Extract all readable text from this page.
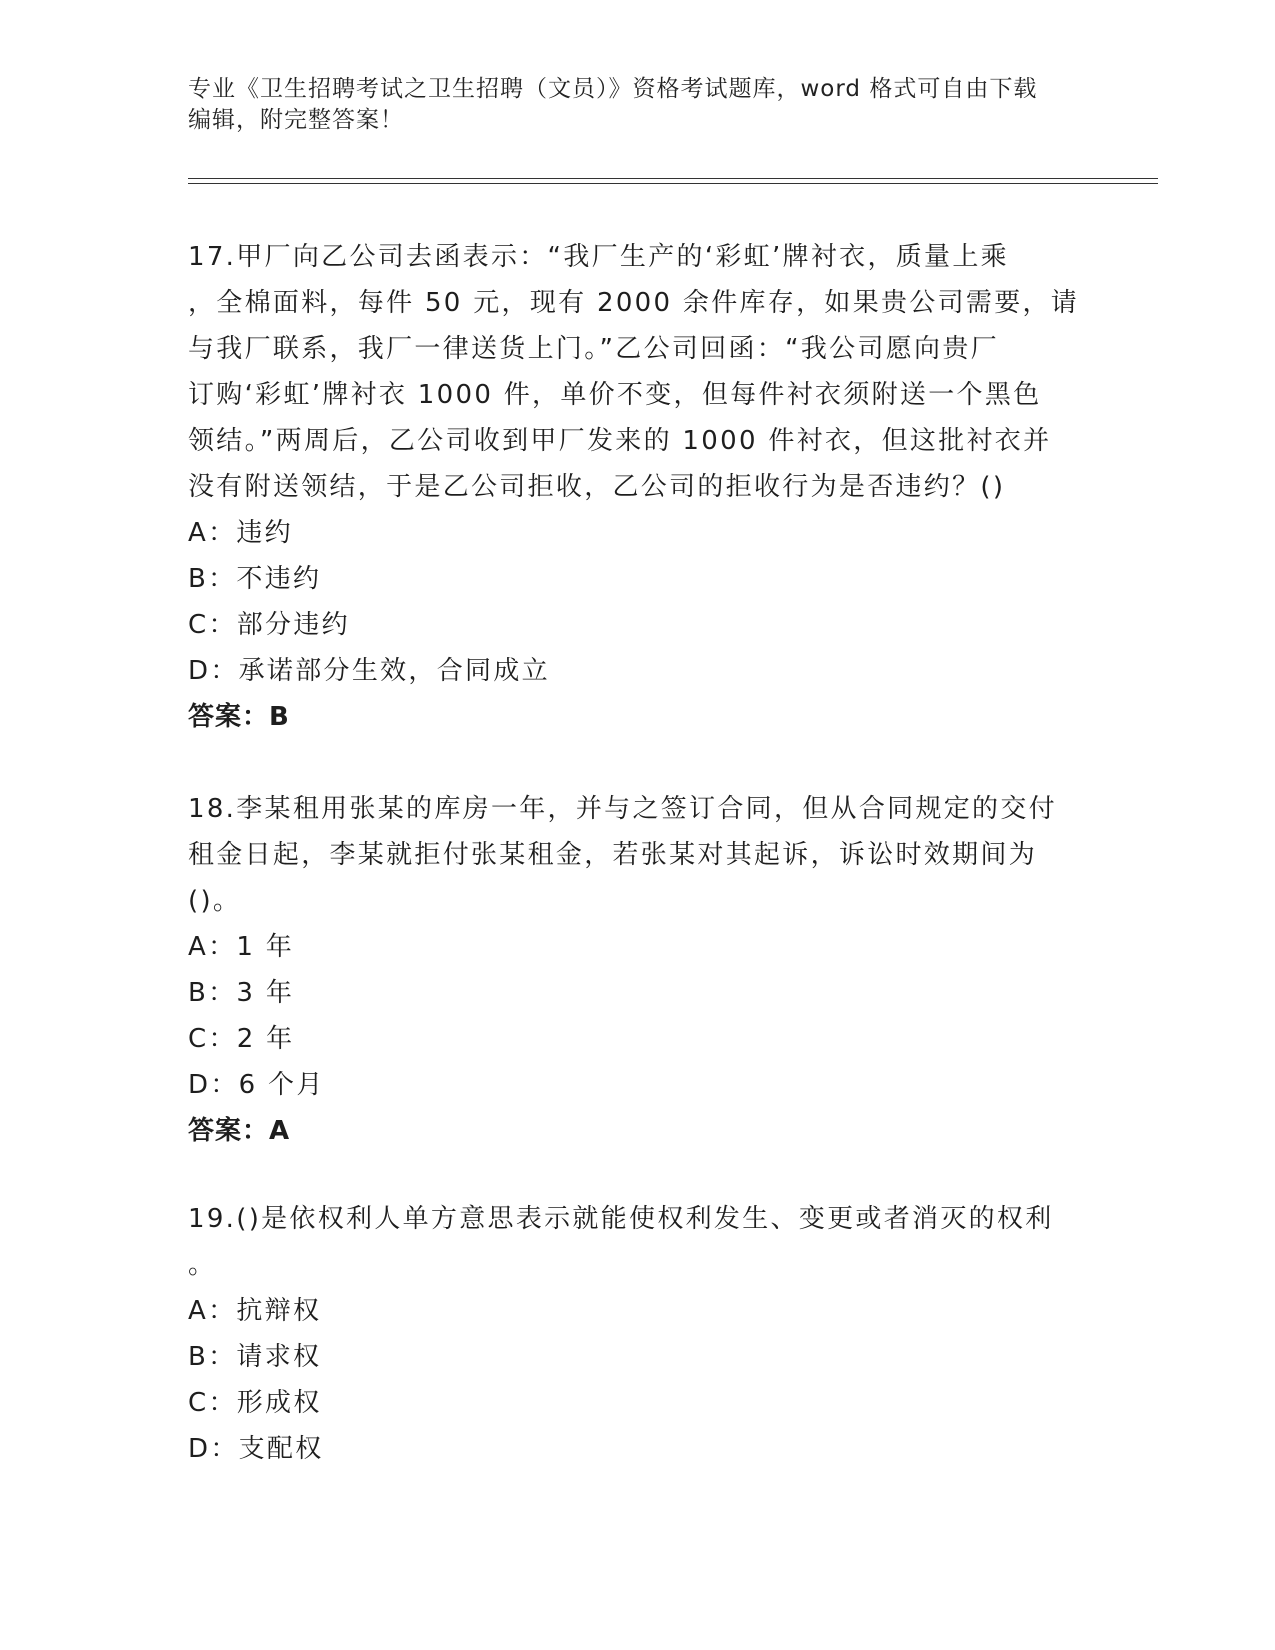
专业《卫生招聘考试之卫生招聘（文员）》资格考试题库，word 格式可自由下载
编辑，附完整答案！

17.甲厂向乙公司去函表示：“我厂生产的‘彩虹’牌衬衣，质量上乘

，全棉面料，每件 50 元，现有 2000 余件库存，如果贵公司需要，请

与我厂联系，我厂一律送货上门。”乙公司回函：“我公司愿向贵厂

订购‘彩虹’牌衬衣 1000 件，单价不变，但每件衬衣须附送一个黑色

领结。”两周后，乙公司收到甲厂发来的 1000 件衬衣，但这批衬衣并

没有附送领结，于是乙公司拒收，乙公司的拒收行为是否违约？()

A：违约

B：不违约

C：部分违约

D：承诺部分生效，合同成立

答案：B

18.李某租用张某的库房一年，并与之签订合同，但从合同规定的交付

租金日起，李某就拒付张某租金，若张某对其起诉，诉讼时效期间为

()。

A：1 年

B：3 年

C：2 年

D：6 个月

答案：A

19.()是依权利人单方意思表示就能使权利发生、变更或者消灭的权利

。

A：抗辩权

B：请求权

C：形成权

D：支配权
